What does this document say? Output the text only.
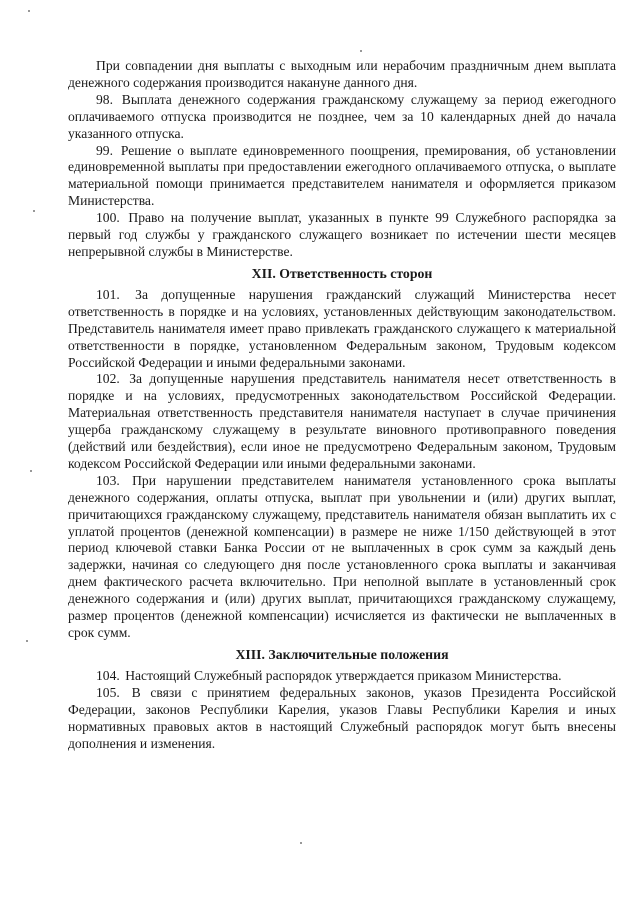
При совпадении дня выплаты с выходным или нерабочим праздничным днем выплата денежного содержания производится накануне данного дня.

98. Выплата денежного содержания гражданскому служащему за период ежегодного оплачиваемого отпуска производится не позднее, чем за 10 календарных дней до начала указанного отпуска.

99. Решение о выплате единовременного поощрения, премирования, об установлении единовременной выплаты при предоставлении ежегодного оплачиваемого отпуска, о выплате материальной помощи принимается представителем нанимателя и оформляется приказом Министерства.

100. Право на получение выплат, указанных в пункте 99 Служебного распорядка за первый год службы у гражданского служащего возникает по истечении шести месяцев непрерывной службы в Министерстве.

XII. Ответственность сторон

101. За допущенные нарушения гражданский служащий Министерства несет ответственность в порядке и на условиях, установленных действующим законодательством. Представитель нанимателя имеет право привлекать гражданского служащего к материальной ответственности в порядке, установленном Федеральным законом, Трудовым кодексом Российской Федерации и иными федеральными законами.

102. За допущенные нарушения представитель нанимателя несет ответственность в порядке и на условиях, предусмотренных законодательством Российской Федерации. Материальная ответственность представителя нанимателя наступает в случае причинения ущерба гражданскому служащему в результате виновного противоправного поведения (действий или бездействия), если иное не предусмотрено Федеральным законом, Трудовым кодексом Российской Федерации или иными федеральными законами.

103. При нарушении представителем нанимателя установленного срока выплаты денежного содержания, оплаты отпуска, выплат при увольнении и (или) других выплат, причитающихся гражданскому служащему, представитель нанимателя обязан выплатить их с уплатой процентов (денежной компенсации) в размере не ниже 1/150 действующей в этот период ключевой ставки Банка России от не выплаченных в срок сумм за каждый день задержки, начиная со следующего дня после установленного срока выплаты и заканчивая днем фактического расчета включительно. При неполной выплате в установленный срок денежного содержания и (или) других выплат, причитающихся гражданскому служащему, размер процентов (денежной компенсации) исчисляется из фактически не выплаченных в срок сумм.

XIII. Заключительные положения

104. Настоящий Служебный распорядок утверждается приказом Министерства.

105. В связи с принятием федеральных законов, указов Президента Российской Федерации, законов Республики Карелия, указов Главы Республики Карелия и иных нормативных правовых актов в настоящий Служебный распорядок могут быть внесены дополнения и изменения.
